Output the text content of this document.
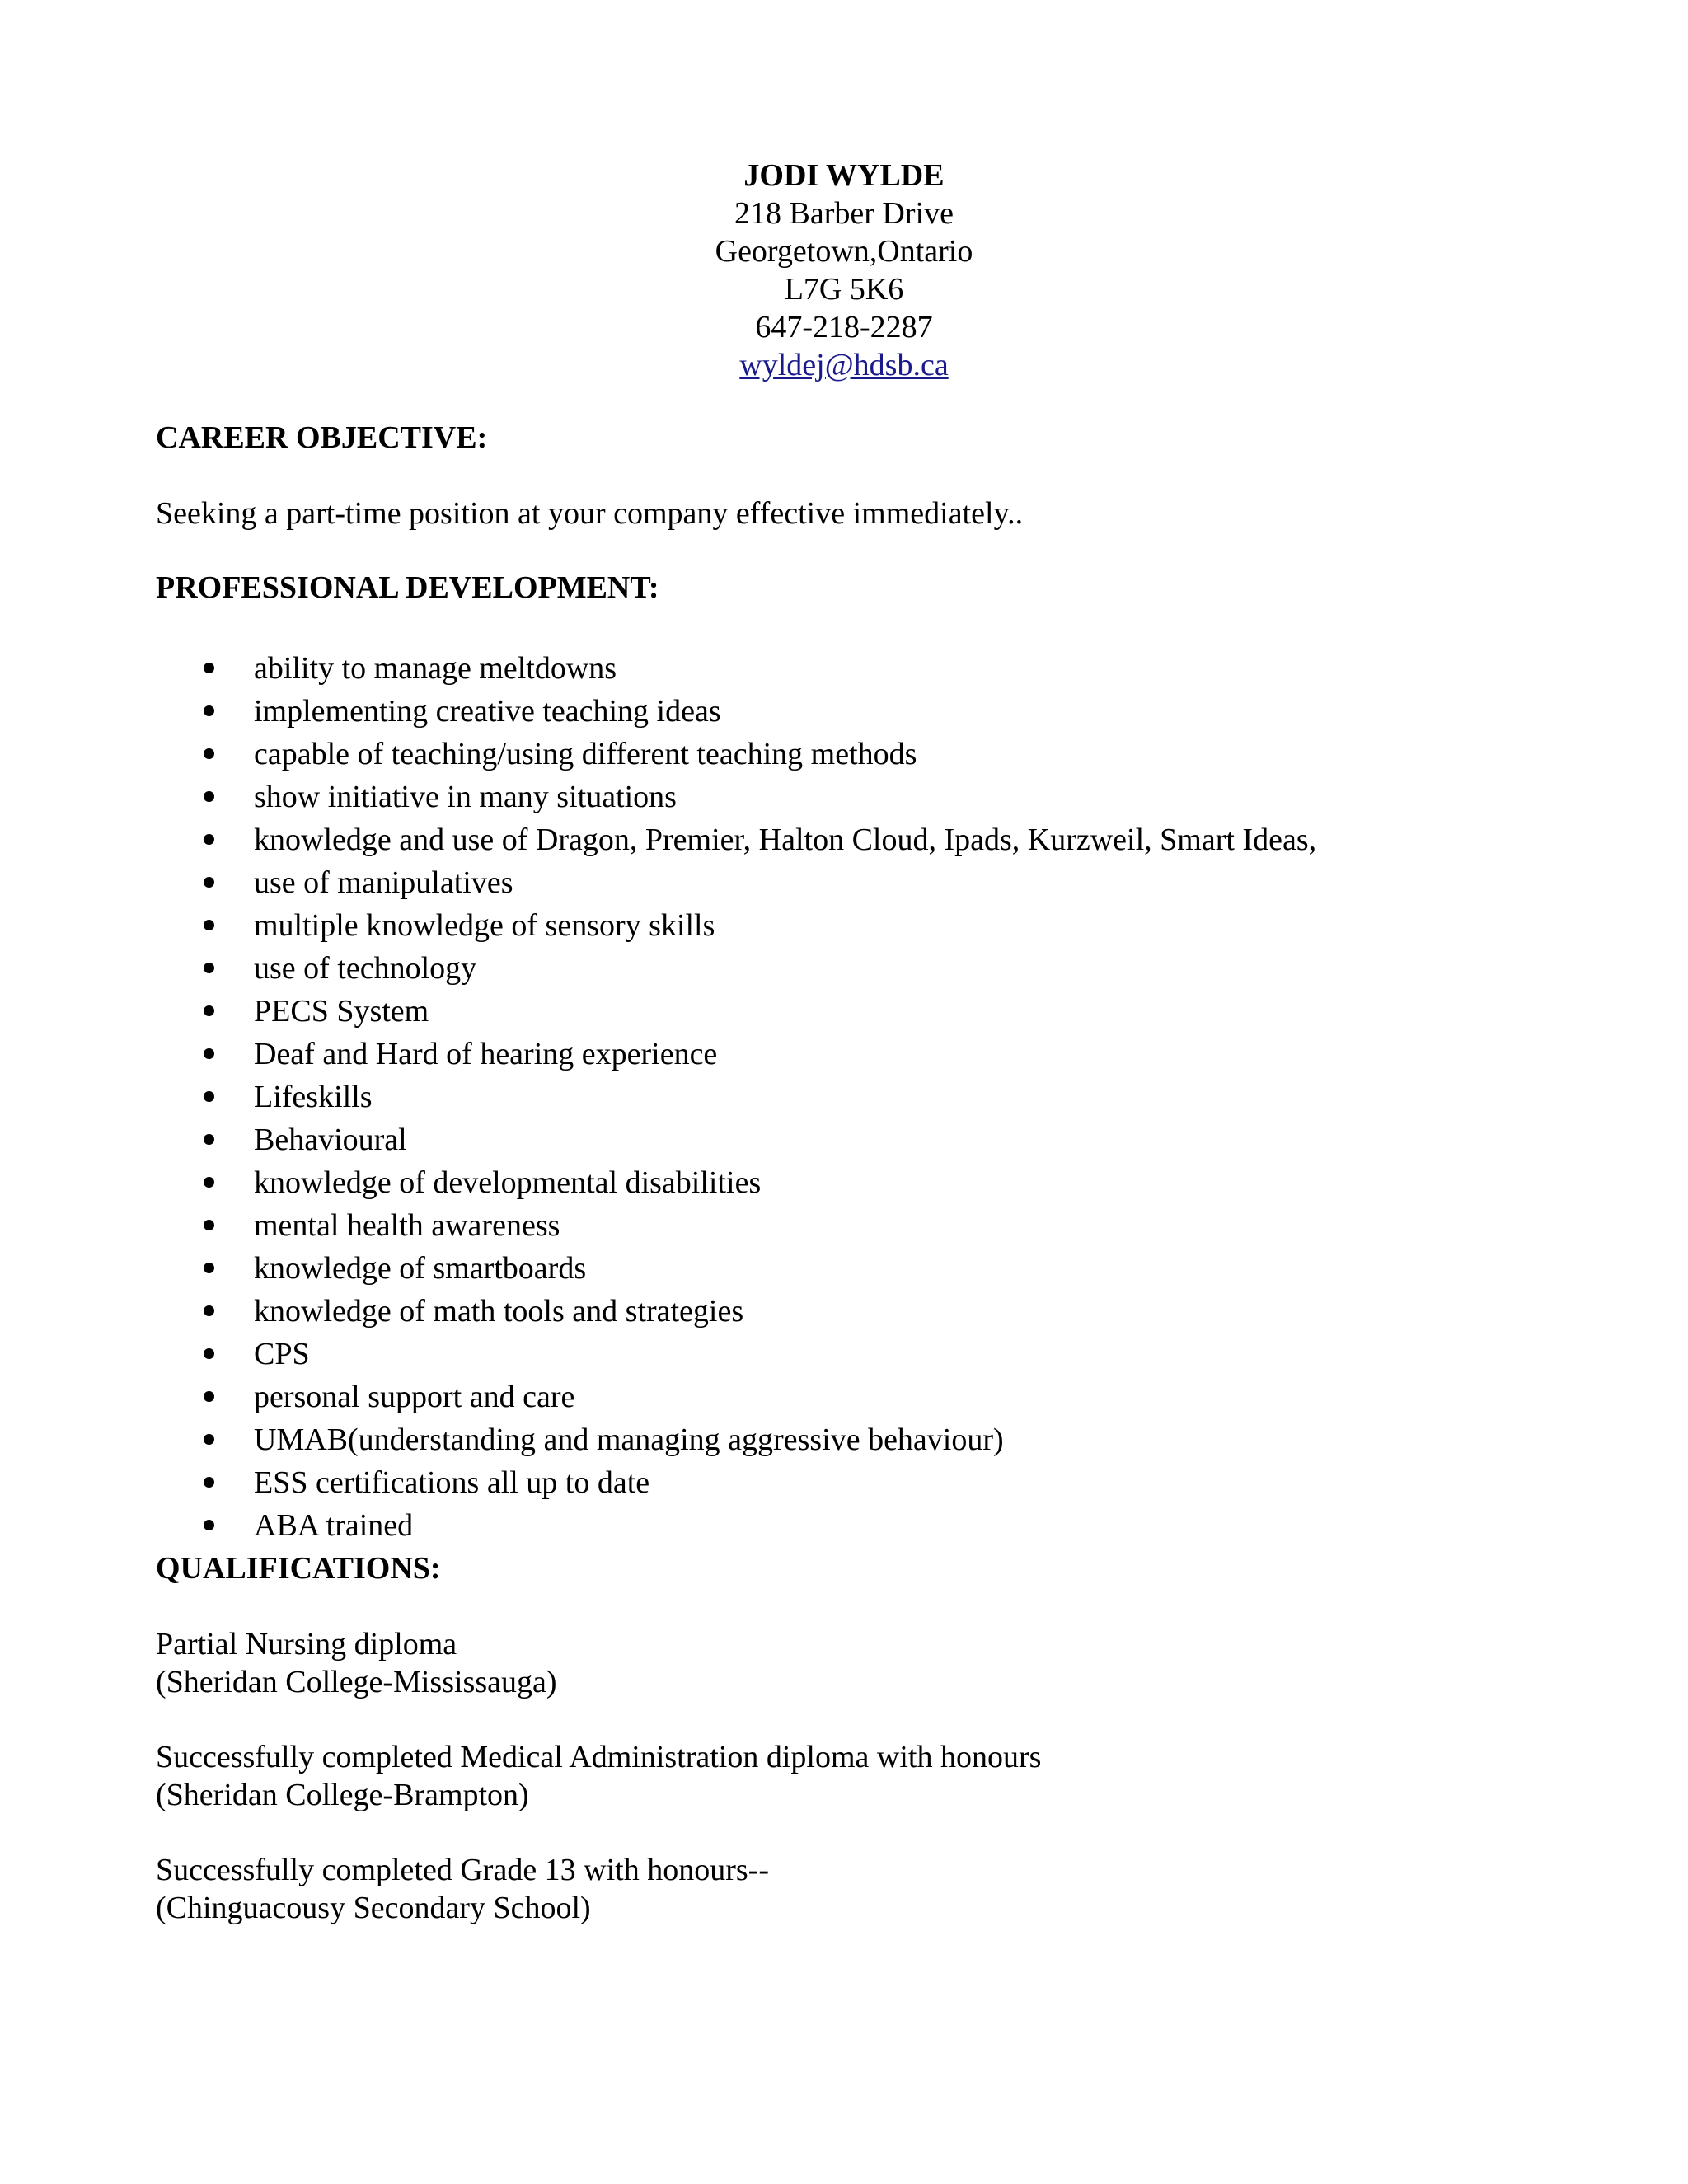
JODI WYLDE
218 Barber Drive
Georgetown,Ontario
L7G 5K6
647-218-2287
wyldej@hdsb.ca
CAREER OBJECTIVE:
Seeking a part-time position at your company effective immediately..
PROFESSIONAL DEVELOPMENT:
ability to manage meltdowns
implementing creative teaching ideas
capable of teaching/using different teaching methods
show initiative in many situations
knowledge and use of Dragon, Premier, Halton Cloud, Ipads, Kurzweil, Smart Ideas,
use of manipulatives
multiple knowledge of sensory skills
use of technology
PECS System
Deaf and Hard of hearing experience
Lifeskills
Behavioural
knowledge of developmental disabilities
mental health awareness
knowledge of smartboards
knowledge of math tools and strategies
CPS
personal support and care
UMAB(understanding and managing aggressive behaviour)
ESS certifications all up to date
ABA trained
QUALIFICATIONS:
Partial Nursing diploma
(Sheridan College-Mississauga)
Successfully completed Medical Administration diploma with honours
(Sheridan College-Brampton)
Successfully completed Grade 13 with honours--
(Chinguacousy Secondary School)
